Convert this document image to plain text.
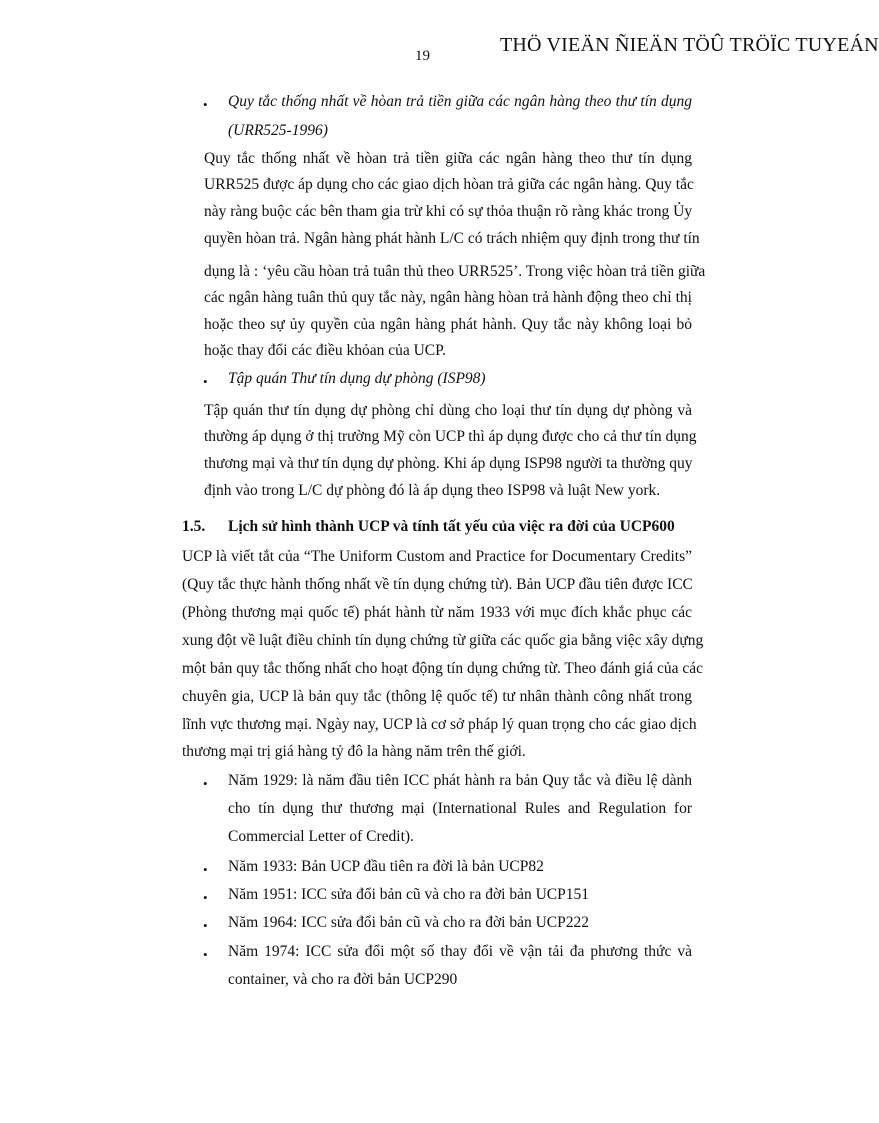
19	THÖ VIEÄN ÑIEÄN TÖÛ TRÖÏC TUYEÁN
• Quy tắc thống nhất về hòan trả tiền giữa các ngân hàng theo thư tín dụng
(URR525-1996)
Quy tắc thống nhất về hòan trả tiền giữa các ngân hàng theo thư tín dụng
URR525 được áp dụng cho các giao dịch hòan trả giữa các ngân hàng. Quy tắc
này ràng buộc các bên tham gia trừ khi có sự thỏa thuận rõ ràng khác trong Ủy
quyền hòan trả. Ngân hàng phát hành L/C có trách nhiệm quy định trong thư tín
dụng là : ‘yêu cầu hòan trả tuân thủ theo URR525’. Trong việc hòan trả tiền giữa
các ngân hàng tuân thủ quy tắc này, ngân hàng hòan trả hành động theo chỉ thị
hoặc theo sự ủy quyền của ngân hàng phát hành. Quy tắc này không loại bỏ
hoặc thay đổi các điều khỏan của UCP.
• Tập quán Thư tín dụng dự phòng (ISP98)
Tập quán thư tín dụng dự phòng chỉ dùng cho loại thư tín dụng dự phòng và
thường áp dụng ở thị trường Mỹ còn UCP thì áp dụng được cho cả thư tín dụng
thương mại và thư tín dụng dự phòng. Khi áp dụng ISP98 người ta thường quy
định vào trong L/C dự phòng đó là áp dụng theo ISP98 và luật New york.
1.5. Lịch sử hình thành UCP và tính tất yếu của việc ra đời của UCP600
UCP là viết tắt của “The Uniform Custom and Practice for Documentary Credits”
(Quy tắc thực hành thống nhất về tín dụng chứng từ). Bản UCP đầu tiên được ICC
(Phòng thương mại quốc tế) phát hành từ năm 1933 với mục đích khắc phục các
xung đột về luật điều chỉnh tín dụng chứng từ giữa các quốc gia bằng việc xây dựng
một bản quy tắc thống nhất cho hoạt động tín dụng chứng từ. Theo đánh giá của các
chuyên gia, UCP là bản quy tắc (thông lệ quốc tế) tư nhân thành công nhất trong
lĩnh vực thương mại. Ngày nay, UCP là cơ sở pháp lý quan trọng cho các giao dịch
thương mại trị giá hàng tỷ đô la hàng năm trên thế giới.
• Năm 1929: là năm đầu tiên ICC phát hành ra bản Quy tắc và điều lệ dành
cho tín dụng thư thương mại (International Rules and Regulation for
Commercial Letter of Credit).
• Năm 1933: Bản UCP đầu tiên ra đời là bản UCP82
• Năm 1951: ICC sửa đổi bản cũ và cho ra đời bản UCP151
• Năm 1964: ICC sửa đổi bản cũ và cho ra đời bản UCP222
• Năm 1974: ICC sửa đổi một số thay đổi về vận tải đa phương thức và
container, và cho ra đời bản UCP290
